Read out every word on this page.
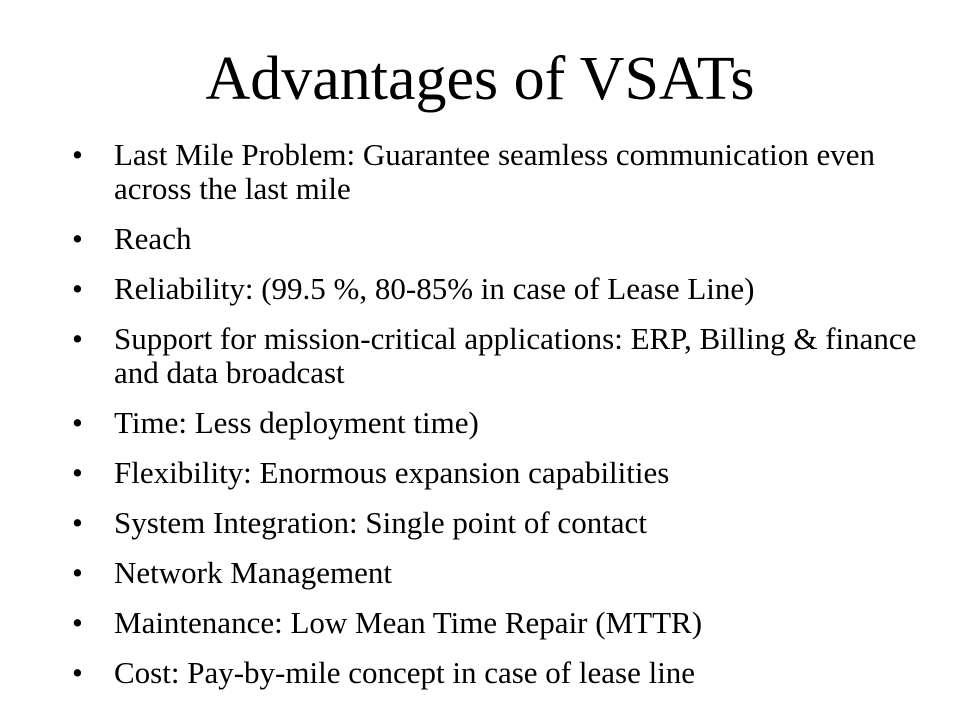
Advantages of VSATs
•	Last Mile Problem: Guarantee seamless communication even across the last mile
•	Reach
•	Reliability: (99.5 %, 80-85% in case of Lease Line)
•	Support for mission-critical applications: ERP, Billing & finance and data broadcast
•	Time: Less deployment time)
•	Flexibility: Enormous expansion capabilities
•	System Integration: Single point of contact
•	Network Management
•	Maintenance: Low Mean Time Repair (MTTR)
•	Cost: Pay-by-mile concept in case of lease line
